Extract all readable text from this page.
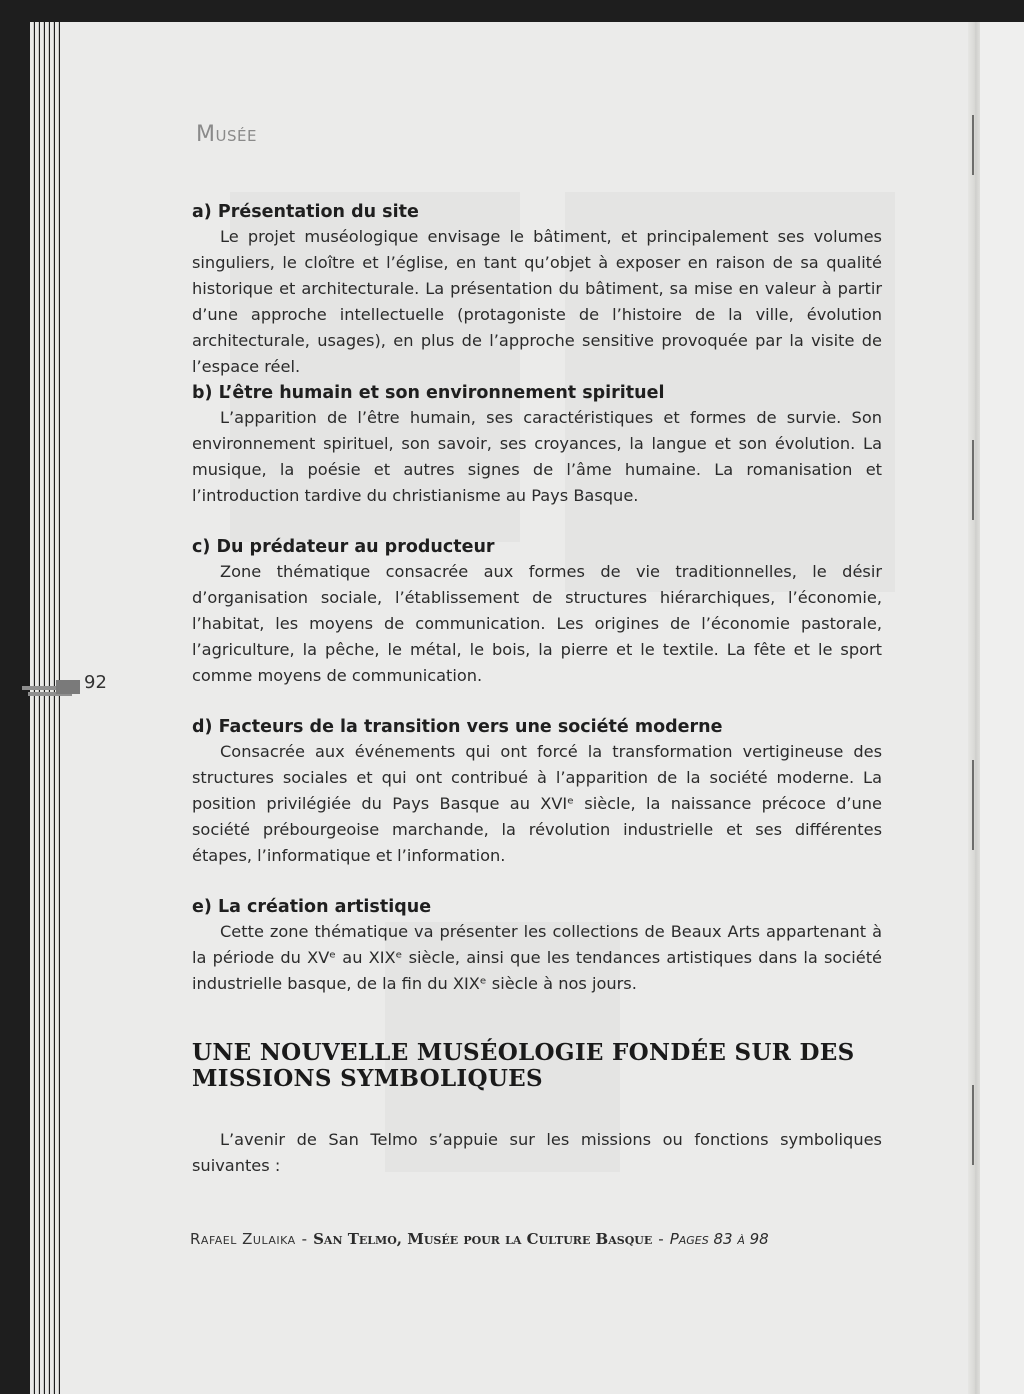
Musée
a) Présentation du site

Le projet muséologique envisage le bâtiment, et principalement ses volumes singuliers, le cloître et l’église, en tant qu’objet à exposer en raison de sa qualité historique et architecturale. La présentation du bâtiment, sa mise en valeur à partir d’une approche intellectuelle (protagoniste de l’histoire de la ville, évolution architecturale, usages), en plus de l’approche sensitive provoquée par la visite de l’espace réel.

b) L’être humain et son environnement spirituel

L’apparition de l’être humain, ses caractéristiques et formes de survie. Son environnement spirituel, son savoir, ses croyances, la langue et son évolution. La musique, la poésie et autres signes de l’âme humaine. La romanisation et l’introduction tardive du christianisme au Pays Basque.

c) Du prédateur au producteur

Zone thématique consacrée aux formes de vie traditionnelles, le désir d’organisation sociale, l’établissement de structures hiérarchiques, l’économie, l’habitat, les moyens de communication. Les origines de l’économie pastorale, l’agriculture, la pêche, le métal, le bois, la pierre et le textile. La fête et le sport comme moyens de communication.

d) Facteurs de la transition vers une société moderne

Consacrée aux événements qui ont forcé la transformation vertigineuse des structures sociales et qui ont contribué à l’apparition de la société moderne. La position privilégiée du Pays Basque au XVIᵉ siècle, la naissance précoce d’une société prébourgeoise marchande, la révolution industrielle et ses différentes étapes, l’informatique et l’information.

e) La création artistique

Cette zone thématique va présenter les collections de Beaux Arts appartenant à la période du XVᵉ au XIXᵉ siècle, ainsi que les tendances artistiques dans la société industrielle basque, de la fin du XIXᵉ siècle à nos jours.

UNE NOUVELLE MUSÉOLOGIE FONDÉE SUR DES MISSIONS SYMBOLIQUES

L’avenir de San Telmo s’appuie sur les missions ou fonctions symboliques suivantes :

92
Rafael Zulaika - San Telmo, Musée pour la Culture Basque - Pages 83 à 98
